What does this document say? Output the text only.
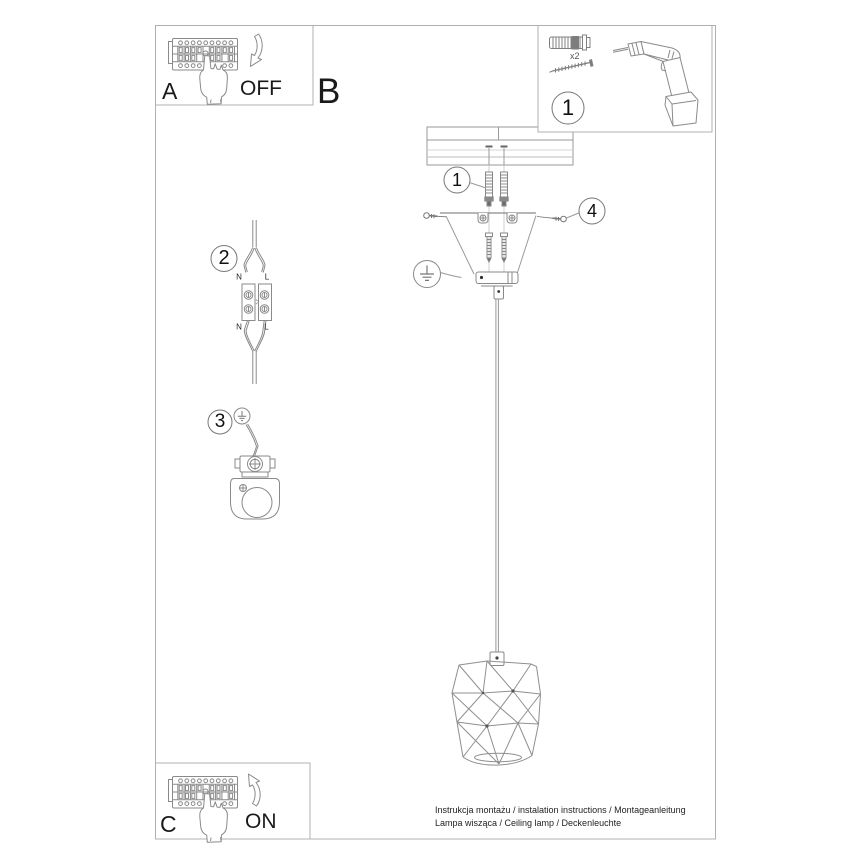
A	OFF B
C	ON
x2
1
1
4
2
3
N	L
N	L
Instrukcja montażu / instalation instructions / Montageanleitung
Lampa wisząca / Ceiling lamp / Deckenleuchte
